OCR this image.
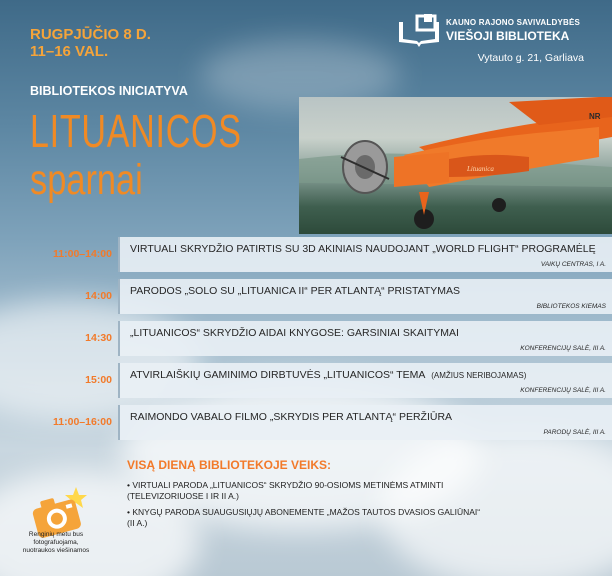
RUGPJŪČIO 8 D.
11–16 VAL.
KAUNO RAJONO SAVIVALDYBĖS
VIEŠOJI BIBLIOTEKA
Vytauto g. 21, Garliava
BIBLIOTEKOS INICIATYVA
LITUANICOS
sparnai
NR
Lituanica
11:00–14:00 VIRTUALI SKRYDŽIO PATIRTIS SU 3D AKINIAIS NAUDOJANT „WORLD FLIGHT“ PROGRAMĖLĘ
VAIKŲ CENTRAS, I A.
14:00 PARODOS „SOLO SU „LITUANICA II“ PER ATLANTĄ“ PRISTATYMAS
BIBLIOTEKOS KIEMAS
14:30 „LITUANICOS“ SKRYDŽIO AIDAI KNYGOSE: GARSINIAI SKAITYMAI
KONFERENCIJŲ SALĖ, III A.
15:00 ATVIRLAIŠKIŲ GAMINIMO DIRBTUVĖS „LITUANICOS“ TEMA (AMŽIUS NERIBOJAMAS)
KONFERENCIJŲ SALĖ, III A.
11:00–16:00 RAIMONDO VABALO FILMO „SKRYDIS PER ATLANTĄ“ PERŽIŪRA
PARODŲ SALĖ, III A.
VISĄ DIENĄ BIBLIOTEKOJE VEIKS:
• VIRTUALI PARODA „LITUANICOS“ SKRYDŽIO 90-OSIOMS METINĖMS ATMINTI
(TELEVIZORIUOSE I IR II A.)
• KNYGŲ PARODA SUAUGUSIŲJŲ ABONEMENTE „MAŽOS TAUTOS DVASIOS GALIŪNAI“
(II A.)
Renginių metu bus
fotografuojama,
nuotraukos viešinamos
